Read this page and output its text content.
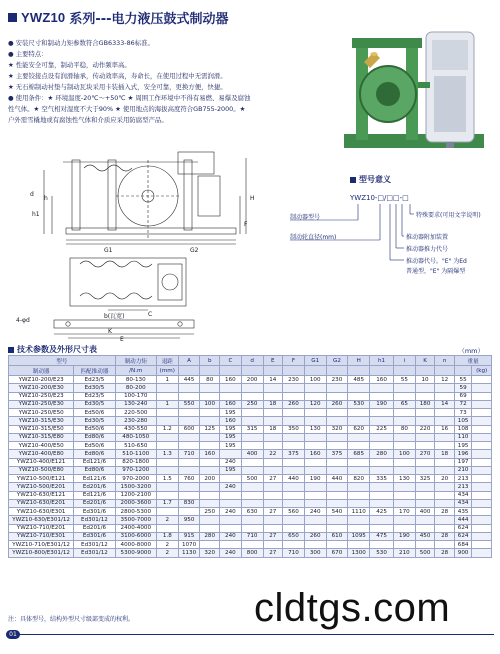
YWZ10 系列---电力液压鼓式制动器
● 安装尺寸和制动力矩参数符合GB6333-86标准。
● 主要特点：
★ 性能安全可靠，制动平稳，动作频率高。
★ 主要铰接点设有润滑轴承，传动效率高，寿命长，在使用过程中无需润滑。
★ 无石棉制动衬垫与制动瓦块采用卡装插入式，安全可靠，更换方便，快捷。
● 使用条件：★ 环境温度-20℃～+50℃ ★ 周围工作环境中不得有易燃、易爆及腐蚀
性气体。★ 空气相对湿度不大于90% ★ 使用地点的海拔高度符合GB755-2000。★
户外需雪橇地或有腐蚀性气体和介质应采用防腐型产品。
h1
h	H
d
F
G1	G2
b(瓦宽)	C
4-φd
K
E
型号意义
YWZ10-□/□□-□
制动器型号
制动轮直径(mm)
特殊要求(可用文字说明)
推动器附加装置
推动器推力代号
推动器代号。"E" 为Ed
普通型，"E" 为隔爆型
技术参数及外形尺寸表	（mm）
型号		制动力矩	退距	A	b	C	d	E	F	G1	G2	H	h1	i	K	n	重量	
制动器	匹配推动器	/N.m	(mm)															(kg)
YWZ10-200/E23	Ed23/5	80-130	1	445	80	160	200	14	230	100	230	485	160	55	10	12	55	
YWZ10-200/E30	Ed30/5	80-200															59	
YWZ10-250/E23	Ed23/5	100-170															69	
YWZ10-250/E30	Ed30/5	130-240	1	550	100	160	250	18	260	120	260	530	190	65	180	14	72	
YWZ10-250/E50	Ed50/6	220-500				195											73	
YWZ10-315/E30	Ed30/5	230-280				160											105	
YWZ10-315/E50	Ed50/6	430-550	1.2	600	125	195	315	18	350	130	320	620	225	80	220	16	108	
YWZ10-315/E80	Ed80/6	480-1050				195											110	
YWZ10-400/E50	Ed50/6	510-650				195											195	
YWZ10-400/E80	Ed80/6	510-1100	1.3	710	160		400	22	375	160	375	685	280	100	270	18	196	
YWZ10-400/E121	Ed121/6	820-1800				240											197	
YWZ10-500/E80	Ed80/6	970-1200				195											210	
YWZ10-500/E121	Ed121/6	970-2000	1.5	760	200		500	27	440	190	440	820	335	130	325	20	213	
YWZ10-500/E201	Ed201/6	1500-3200				240											213	
YWZ10-630/E121	Ed121/6	1200-2100															434	
YWZ10-630/E201	Ed201/6	2000-3600	1.7	830													434	
YWZ10-630/E301	Ed301/6	2800-5300			250	240	630	27	560	240	540	1110	425	170	400	28	435	
YWZ10-630/E301/12	Ed301/12	3500-7000	2	950													444	
YWZ10-710/E201	Ed201/6	2400-4000															624	
YWZ10-710/E301	Ed301/6	3100-6000	1.8	915	280	240	710	27	650	260	610	1095	475	190	450	28	624	
YWZ10-710/E301/12	Ed301/12	4000-8000	2	1070													684	
YWZ10-800/E301/12	Ed301/12	5300-9000	2	1130	320	240	800	27	710	300	670	1300	530	210	500	28	900	
注：具体型号，结构外型尺寸级部变成的权利。
01
cldtgs.com
